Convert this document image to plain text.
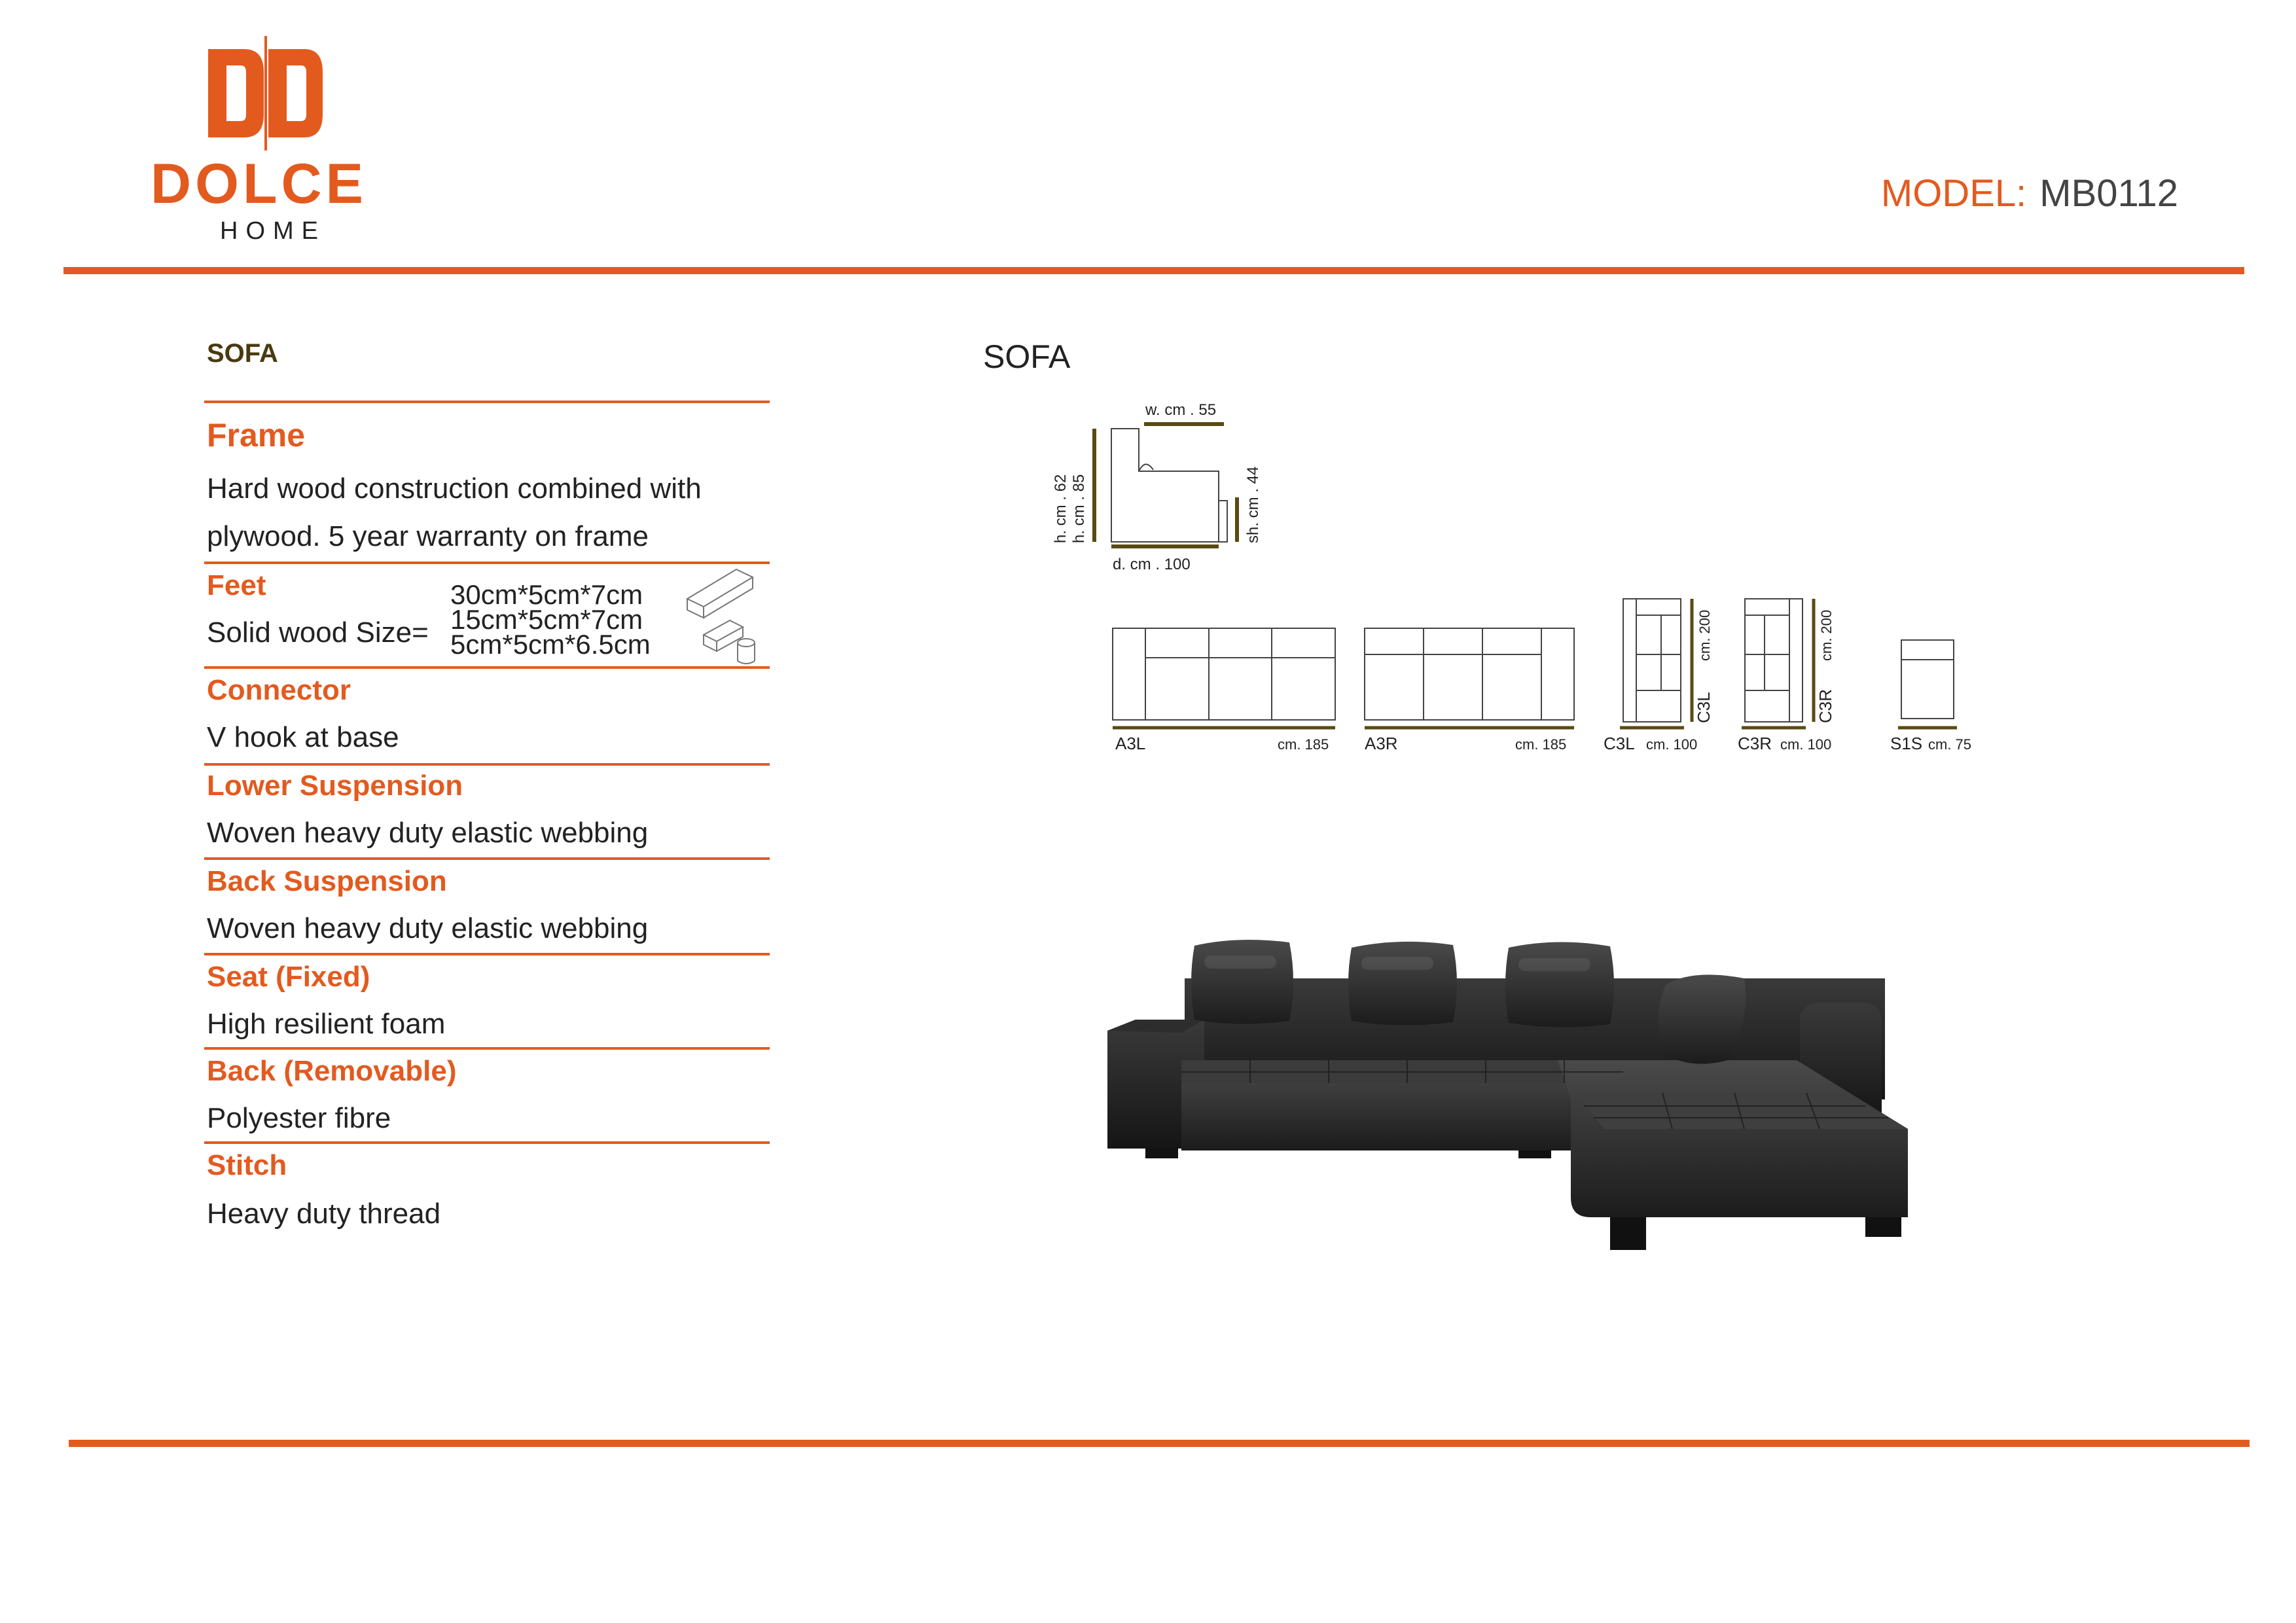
DOLCE
HOME
MODEL: MB0112
SOFA
Frame
Hard wood construction combined with
plywood. 5 year warranty on frame
Feet
Solid wood Size=
30cm*5cm*7cm
15cm*5cm*7cm
5cm*5cm*6.5cm
Connector
V hook at base
Lower Suspension
Woven heavy duty elastic webbing
Back Suspension
Woven heavy duty elastic webbing
Seat (Fixed)
High resilient foam
Back (Removable)
Polyester fibre
Stitch
Heavy duty thread
SOFA
w. cm . 55
h. cm . 85
h. cm . 62	sh. cm . 44
d. cm . 100
A3L	cm. 185 A3R	cm. 185 C3L cm. 100 C3R cm. 100	S1S cm. 75
C3L
cm. 200
C3R
cm. 200
